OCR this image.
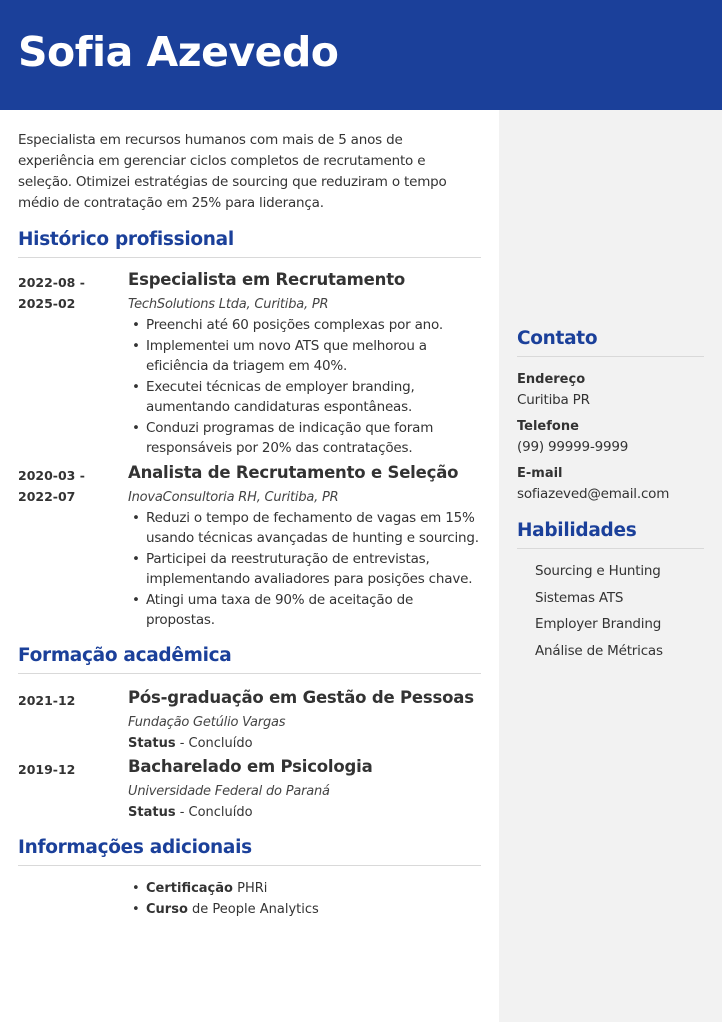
Sofia Azevedo
Contato
Endereço
Curitiba PR
Telefone
(99) 99999-9999
E-mail
sofiazeved@email.com
Habilidades
Sourcing e Hunting
Sistemas ATS
Employer Branding
Análise de Métricas
Especialista em recursos humanos com mais de 5 anos de experiência em gerenciar ciclos completos de recrutamento e seleção. Otimizei estratégias de sourcing que reduziram o tempo médio de contratação em 25% para liderança.
Histórico profissional
2022-08 -
2025-02
Especialista em Recrutamento
TechSolutions Ltda, Curitiba, PR
• Preenchi até 60 posições complexas por ano.
• Implementei um novo ATS que melhorou a eficiência da triagem em 40%.
• Executei técnicas de employer branding, aumentando candidaturas espontâneas.
• Conduzi programas de indicação que foram responsáveis por 20% das contratações.
2020-03 -
2022-07
Analista de Recrutamento e Seleção
InovaConsultoria RH, Curitiba, PR
• Reduzi o tempo de fechamento de vagas em 15% usando técnicas avançadas de hunting e sourcing.
• Participei da reestruturação de entrevistas, implementando avaliadores para posições chave.
• Atingi uma taxa de 90% de aceitação de propostas.
Formação acadêmica
2021-12	Pós-graduação em Gestão de Pessoas
Fundação Getúlio Vargas
Status - Concluído
2019-12	Bacharelado em Psicologia
Universidade Federal do Paraná
Status - Concluído
Informações adicionais
• Certificação PHRi
• Curso de People Analytics
